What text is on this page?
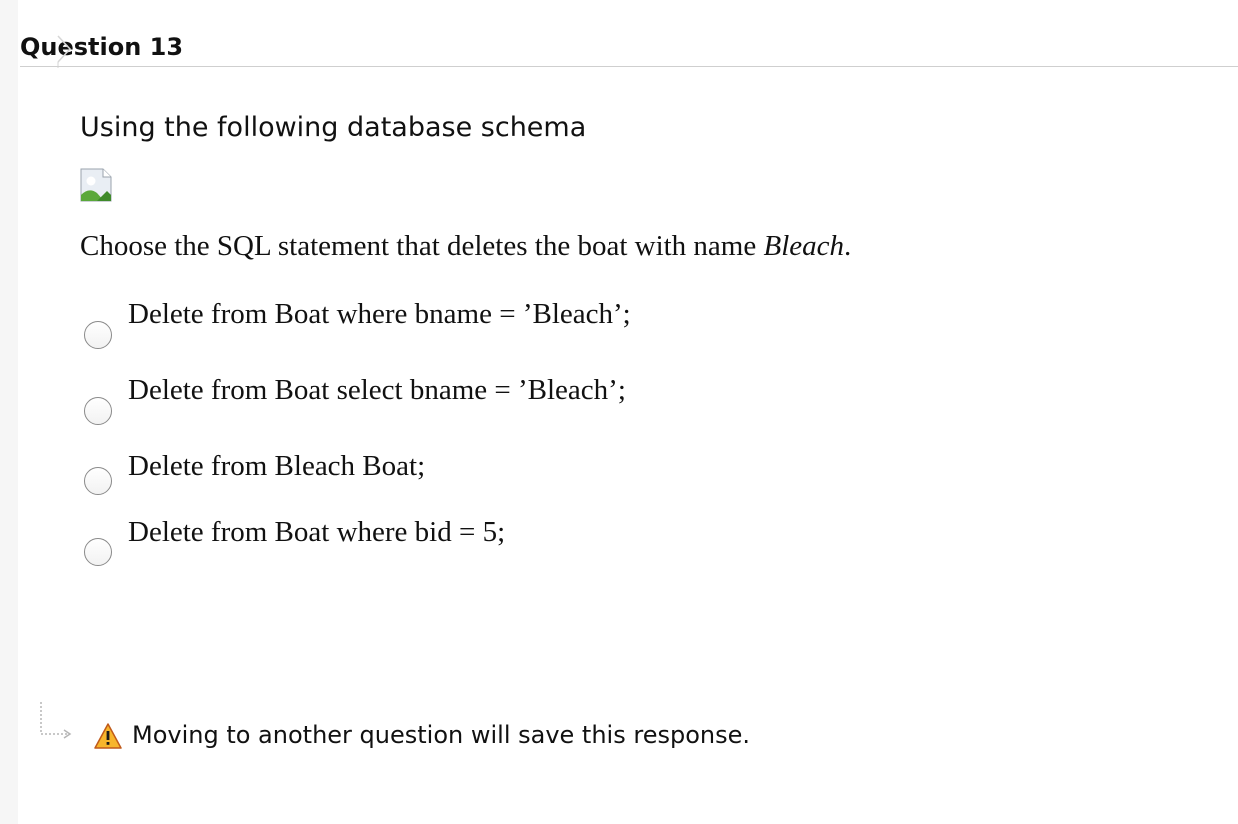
Question 13
Using the following database schema
Choose the SQL statement that deletes the boat with name Bleach.
Delete from Boat where bname = ’Bleach’;
Delete from Boat select bname = ’Bleach’;
Delete from Bleach Boat;
Delete from Boat where bid = 5;
Moving to another question will save this response.
